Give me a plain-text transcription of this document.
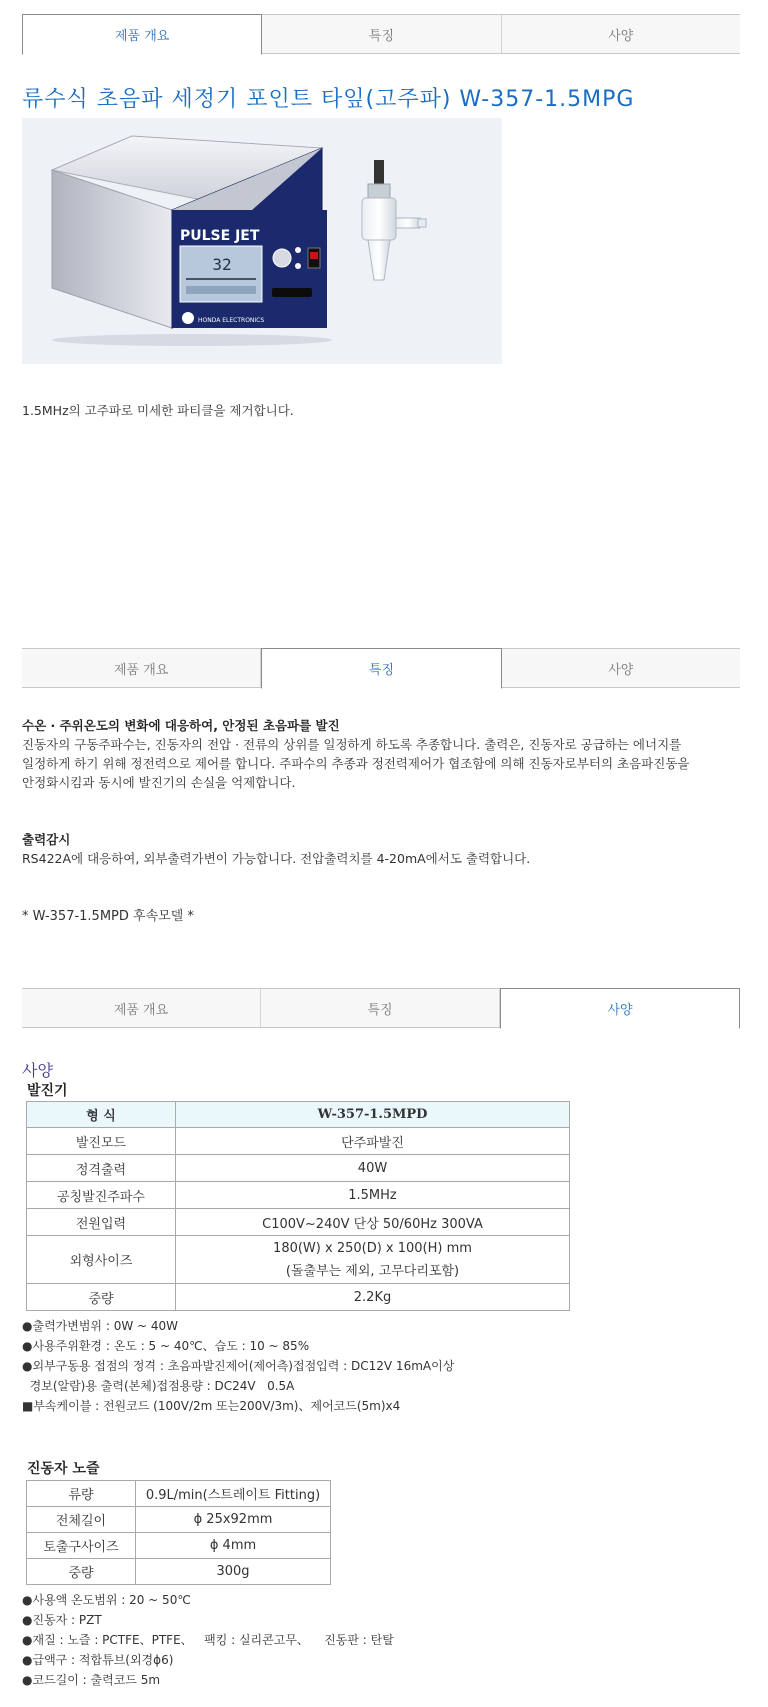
제품 개요	특징	사양
류수식 초음파 세정기 포인트 타잎(고주파) W-357-1.5MPG
PULSE JET
32
HONDA ELECTRONICS
1.5MHz의 고주파로 미세한 파티클을 제거합니다.
제품 개요	특징	사양
수온 · 주위온도의 변화에 대응하여, 안정된 초음파를 발진
진동자의 구동주파수는, 진동자의 전압 · 전류의 상위를 일정하게 하도록 추종합니다. 출력은, 진동자로 공급하는 에너지를
일정하게 하기 위해 정전력으로 제어를 합니다. 주파수의 추종과 정전력제어가 협조함에 의해 진동자로부터의 초음파진동을
안정화시킴과 동시에 발진기의 손실을 억제합니다.
출력감시
RS422A에 대응하여, 외부출력가변이 가능합니다. 전압출력치를 4-20mA에서도 출력합니다.
* W-357-1.5MPD 후속모델 *
제품 개요	특징	사양
사양
발진기
형 식	W-357-1.5MPD
발진모드	단주파발진
정격출력	40W
공칭발진주파수	1.5MHz
전원입력	C100V~240V 단상 50/60Hz 300VA
외형사이즈	180(W) x 250(D) x 100(H) mm
(돌출부는 제외, 고무다리포함)

중량	2.2Kg
●출력가변범위 : 0W ~ 40W
●사용주위환경 : 온도 : 5 ~ 40℃、습도 : 10 ~ 85%
●외부구동용 접점의 정격 : 초음파발진제어(제어측)접점입력 : DC12V 16mA이상
경보(알람)용 출력(본체)접점용량 : DC24V   0.5A
■부속케이블 : 전원코드 (100V/2m 또는200V/3m)、제어코드(5m)x4
진동자 노즐
류량	0.9L/min(스트레이트 Fitting)
전체길이	ϕ 25x92mm
토출구사이즈	ϕ 4mm
중량	300g
●사용액 온도범위 : 20 ~ 50℃
●진동자 : PZT
●재질 : 노즐 : PCTFE、PTFE、   팩킹 : 실리콘고무、    진동판 : 탄탈
●급액구 : 적합튜브(외경ϕ6)
●코드길이 : 출력코드 5m
